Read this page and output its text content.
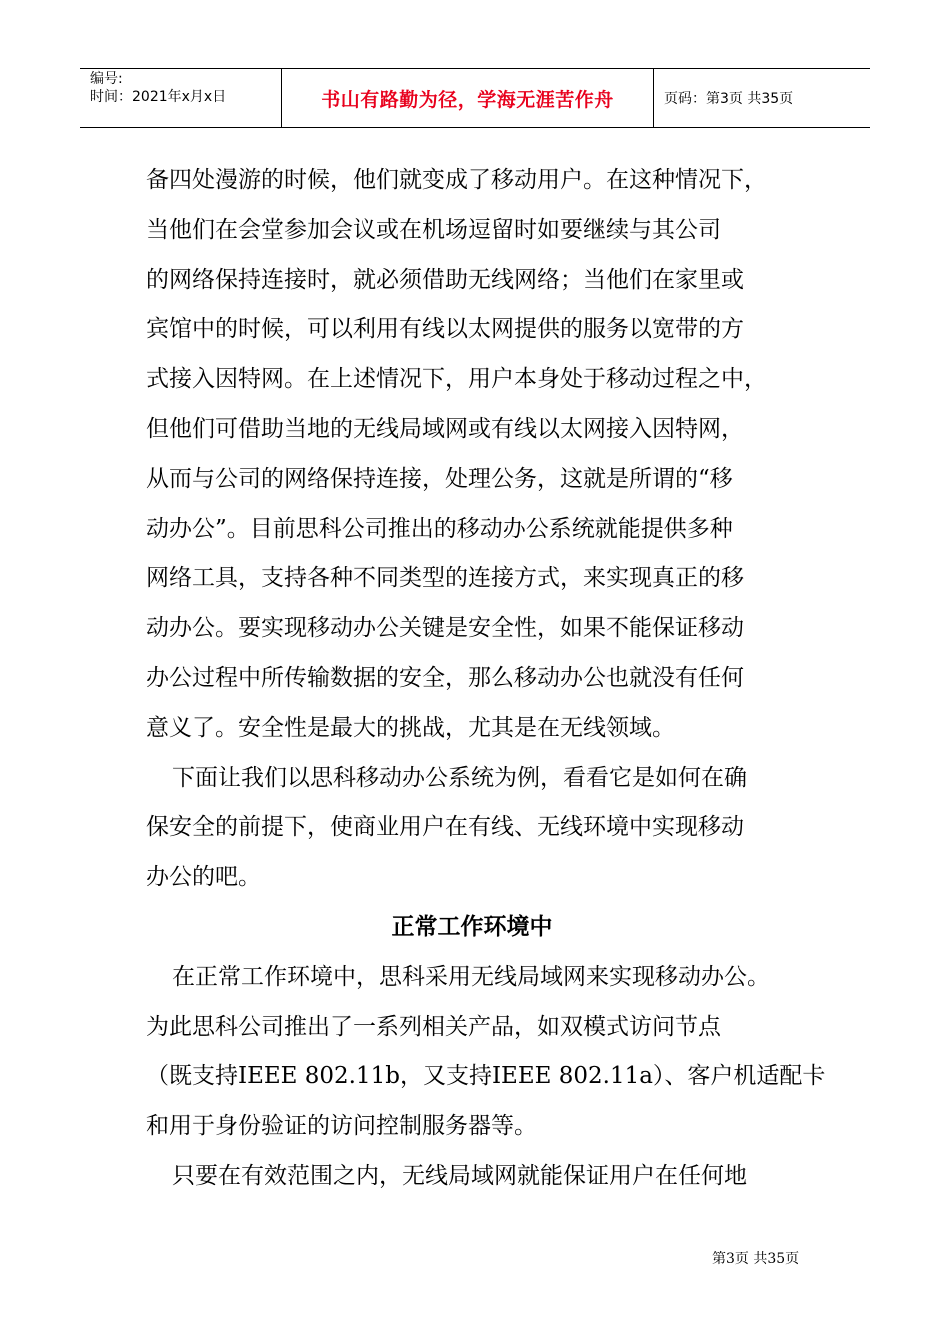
编号:
时间：2021年x月x日	书山有路勤为径，学海无涯苦作舟	页码：第3页 共35页
备四处漫游的时候，他们就变成了移动用户。在这种情况下，
当他们在会堂参加会议或在机场逗留时如要继续与其公司
的网络保持连接时，就必须借助无线网络；当他们在家里或
宾馆中的时候，可以利用有线以太网提供的服务以宽带的方
式接入因特网。在上述情况下，用户本身处于移动过程之中，
但他们可借助当地的无线局域网或有线以太网接入因特网，
从而与公司的网络保持连接，处理公务，这就是所谓的“移
动办公”。目前思科公司推出的移动办公系统就能提供多种
网络工具，支持各种不同类型的连接方式，来实现真正的移
动办公。要实现移动办公关键是安全性，如果不能保证移动
办公过程中所传输数据的安全，那么移动办公也就没有任何
意义了。安全性是最大的挑战，尤其是在无线领域。
下面让我们以思科移动办公系统为例，看看它是如何在确
保安全的前提下，使商业用户在有线、无线环境中实现移动
办公的吧。
正常工作环境中
在正常工作环境中，思科采用无线局域网来实现移动办公。
为此思科公司推出了一系列相关产品，如双模式访问节点
（既支持IEEE 802.11b，又支持IEEE 802.11a）、客户机适配卡
和用于身份验证的访问控制服务器等。
只要在有效范围之内，无线局域网就能保证用户在任何地
第3页 共35页
